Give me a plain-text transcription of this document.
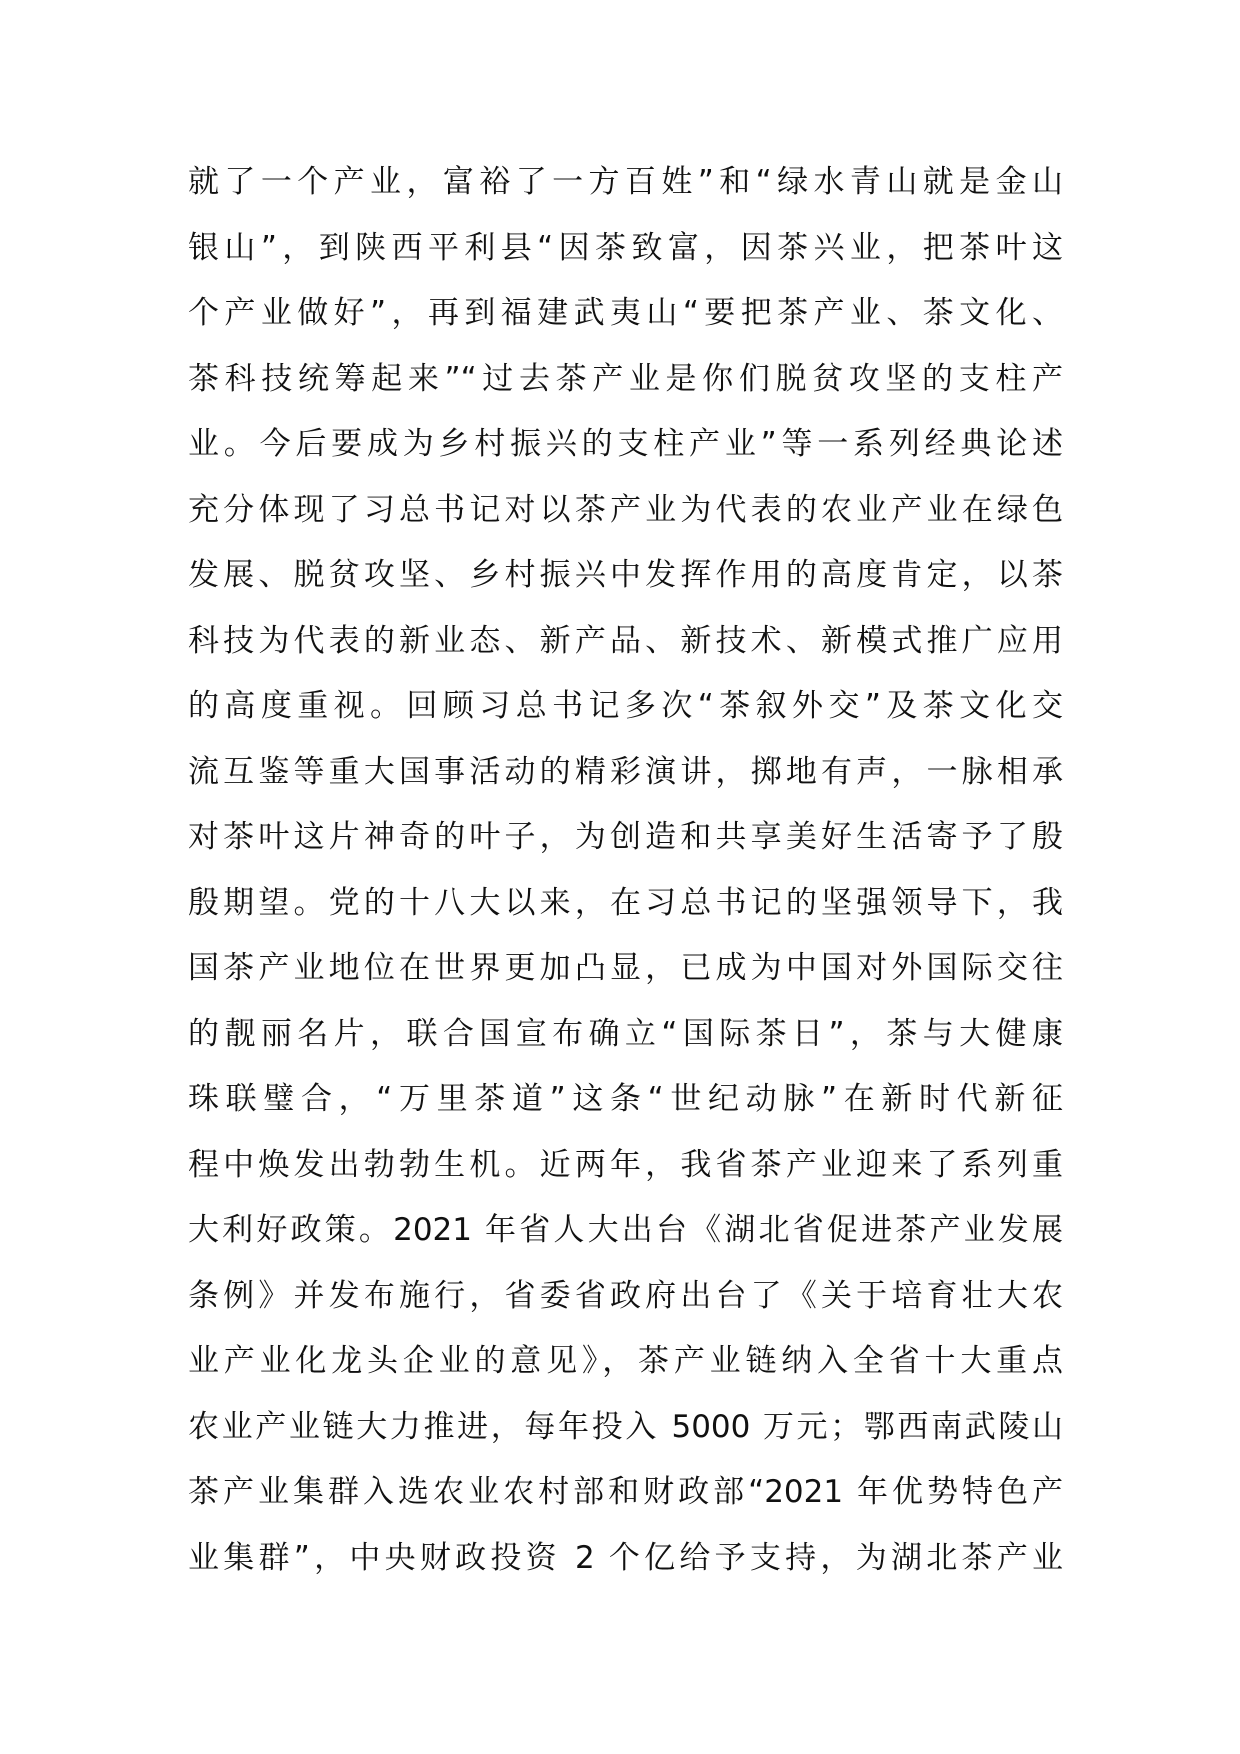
就了一个产业，富裕了一方百姓”和“绿水青山就是金山
银山”，到陕西平利县“因茶致富，因茶兴业，把茶叶这
个产业做好”，再到福建武夷山“要把茶产业、茶文化、
茶科技统筹起来”“过去茶产业是你们脱贫攻坚的支柱产
业。今后要成为乡村振兴的支柱产业”等一系列经典论述
充分体现了习总书记对以茶产业为代表的农业产业在绿色
发展、脱贫攻坚、乡村振兴中发挥作用的高度肯定，以茶
科技为代表的新业态、新产品、新技术、新模式推广应用
的高度重视。回顾习总书记多次“茶叙外交”及茶文化交
流互鉴等重大国事活动的精彩演讲，掷地有声，一脉相承
对茶叶这片神奇的叶子，为创造和共享美好生活寄予了殷
殷期望。党的十八大以来，在习总书记的坚强领导下，我
国茶产业地位在世界更加凸显，已成为中国对外国际交往
的靓丽名片，联合国宣布确立“国际茶日”，茶与大健康
珠联璧合，“万里茶道”这条“世纪动脉”在新时代新征
程中焕发出勃勃生机。近两年，我省茶产业迎来了系列重
大利好政策。2021 年省人大出台《湖北省促进茶产业发展
条例》并发布施行，省委省政府出台了《关于培育壮大农
业产业化龙头企业的意见》，茶产业链纳入全省十大重点
农业产业链大力推进，每年投入 5000 万元；鄂西南武陵山
茶产业集群入选农业农村部和财政部“2021 年优势特色产
业集群”，中央财政投资 2 个亿给予支持，为湖北茶产业
